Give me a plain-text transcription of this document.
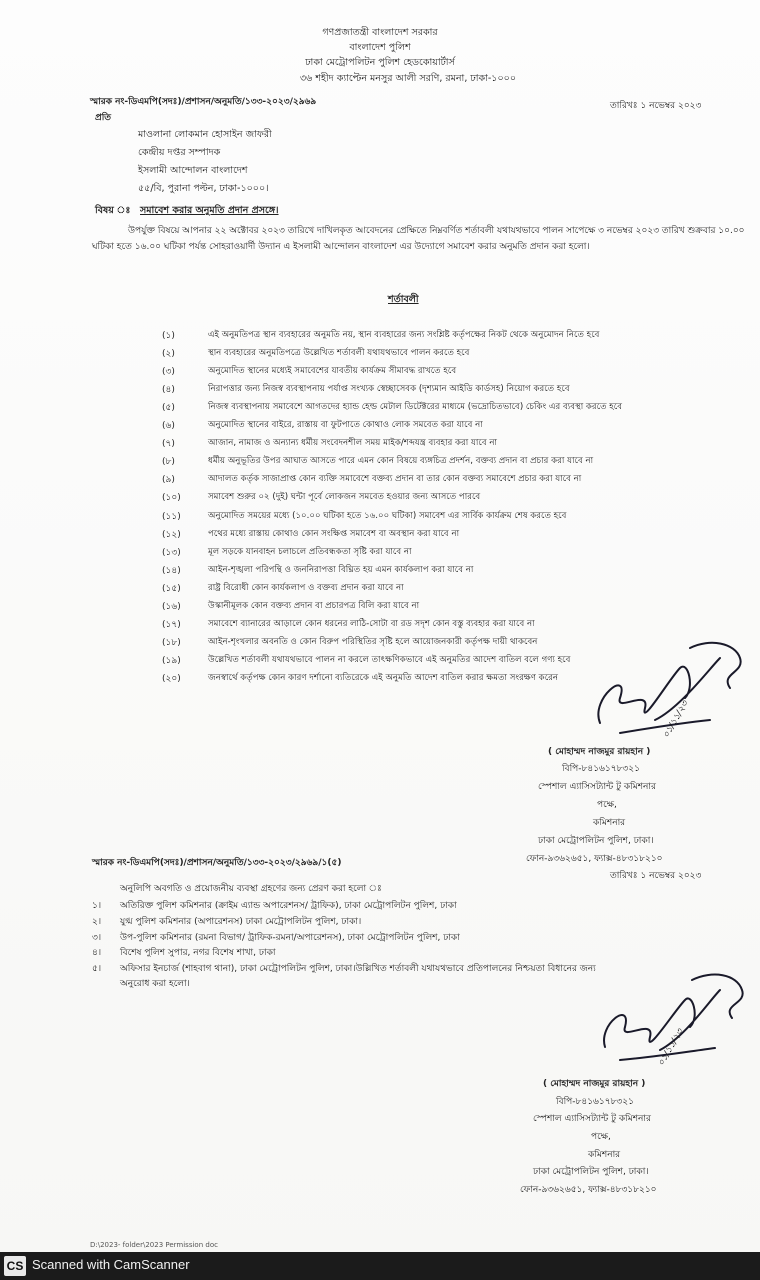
গণপ্রজাতন্ত্রী বাংলাদেশ সরকার
বাংলাদেশ পুলিশ
ঢাকা মেট্রোপলিটন পুলিশ হেডকোয়ার্টার্স
৩৬ শহীদ ক্যাপ্টেন মনসুর আলী সরণি, রমনা, ঢাকা-১০০০
স্মারক নং-ডিএমপি(সদঃ)/প্রশাসন/অনুমতি/১৩৩-২০২৩/২৯৬৯	তারিখঃ ১ নভেম্বর ২০২৩
প্রতি
মাওলানা লোকমান হোসাইন জাফরী
কেন্দ্রীয় দপ্তর সম্পাদক
ইসলামী আন্দোলন বাংলাদেশ
৫৫/বি, পুরানা পল্টন, ঢাকা-১০০০।
বিষয় ঃ সমাবেশ করার অনুমতি প্রদান প্রসঙ্গে।
উপর্যুক্ত বিষয়ে আপনার ২২ অক্টোবর ২০২৩ তারিখে দাখিলকৃত আবেদনের প্রেক্ষিতে নিম্নবর্ণিত শর্তাবলী যথাযথভাবে পালন সাপেক্ষে ৩ নভেম্বর ২০২৩ তারিখ শুক্রবার ১০.০০ ঘটিকা হতে ১৬.০০ ঘটিকা পর্যন্ত সোহরাওয়ার্দী উদ্যান এ ইসলামী আন্দোলন বাংলাদেশ এর উদ্যোগে সমাবেশ করার অনুমতি প্রদান করা হলো।
শর্তাবলী
(১)	এই অনুমতিপত্র স্থান ব্যবহারের অনুমতি নয়, স্থান ব্যবহারের জন্য সংশ্লিষ্ট কর্তৃপক্ষের নিকট থেকে অনুমোদন নিতে হবে
(২)	স্থান ব্যবহারের অনুমতিপত্রে উল্লেখিত শর্তাবলী যথাযথভাবে পালন করতে হবে
(৩)	অনুমোদিত স্থানের মধ্যেই সমাবেশের যাবতীয় কার্যক্রম সীমাবদ্ধ রাখতে হবে
(৪)	নিরাপত্তার জন্য নিজস্ব ব্যবস্থাপনায় পর্যাপ্ত সংখ্যক স্বেচ্ছাসেবক (দৃশ্যমান আইডি কার্ডসহ) নিয়োগ করতে হবে
(৫)	নিজস্ব ব্যবস্থাপনায় সমাবেশে আগতদের হ্যান্ড হেল্ড মেটাল ডিটেক্টরের মাধ্যমে (ভদ্রোচিতভাবে) চেকিং এর ব্যবস্থা করতে হবে
(৬)	অনুমোদিত স্থানের বাইরে, রাস্তায় বা ফুটপাতে কোথাও লোক সমবেত করা যাবে না
(৭)	আজান, নামাজ ও অন্যান্য ধর্মীয় সংবেদনশীল সময় মাইক/শব্দযন্ত্র ব্যবহার করা যাবে না
(৮)	ধর্মীয় অনুভূতির উপর আঘাত আসতে পারে এমন কোন বিষয়ে ব্যঙ্গচিত্র প্রদর্শন, বক্তব্য প্রদান বা প্রচার করা যাবে না
(৯)	আদালত কর্তৃক সাজাপ্রাপ্ত কোন ব্যক্তি সমাবেশে বক্তব্য প্রদান বা তার কোন বক্তব্য সমাবেশে প্রচার করা যাবে না
(১০)	সমাবেশ শুরুর ০২ (দুই) ঘন্টা পূর্বে লোকজন সমবেত হওয়ার জন্য আসতে পারবে
(১১)	অনুমোদিত সময়ের মধ্যে (১০.০০ ঘটিকা হতে ১৬.০০ ঘটিকা) সমাবেশ এর সার্বিক কার্যক্রম শেষ করতে হবে
(১২)	পথের মধ্যে রাস্তায় কোথাও কোন সংক্ষিপ্ত সমাবেশ বা অবস্থান করা যাবে না
(১৩)	মূল সড়কে যানবাহন চলাচলে প্রতিবন্ধকতা সৃষ্টি করা যাবে না
(১৪)	আইন-শৃঙ্খলা পরিপন্থি ও জননিরাপত্তা বিঘ্নিত হয় এমন কার্যকলাপ করা যাবে না
(১৫)	রাষ্ট্র বিরোধী কোন কার্যকলাপ ও বক্তব্য প্রদান করা যাবে না
(১৬)	উস্কানীমূলক কোন বক্তব্য প্রদান বা প্রচারপত্র বিলি করা যাবে না
(১৭)	সমাবেশে ব্যানারের আড়ালে কোন ধরনের লাঠি-সোটা বা রড সদৃশ কোন বস্তু ব্যবহার করা যাবে না
(১৮)	আইন-শৃংখলার অবনতি ও কোন বিরুপ পরিস্থিতির সৃষ্টি হলে আয়োজনকারী কর্তৃপক্ষ দায়ী থাকবেন
(১৯)	উল্লেখিত শর্তাবলী যথাযথভাবে পালন না করলে তাৎক্ষণিকভাবে এই অনুমতির আদেশ বাতিল বলে গণ্য হবে
(২০)	জনস্বার্থে কর্তৃপক্ষ কোন কারণ দর্শানো ব্যতিরেকে এই অনুমতি আদেশ বাতিল করার ক্ষমতা সংরক্ষণ করেন
০১/১১/২৩
( মোহাম্মদ নাজমুর রায়হান )
বিপি-৮৪১৬১৭৮৩২১
স্পেশাল এ্যাসিসট্যান্ট টু কমিশনার
পক্ষে,
কমিশনার
ঢাকা মেট্রোপলিটন পুলিশ, ঢাকা।
ফোন-৯৩৬২৬৫১, ফ্যাক্স-৪৮৩১৮২১০
স্মারক নং-ডিএমপি(সদঃ)/প্রশাসন/অনুমতি/১৩৩-২০২৩/২৯৬৯/১(৫)
তারিখঃ ১ নভেম্বর ২০২৩
অনুলিপি অবগতি ও প্রয়োজনীয় ব্যবস্থা গ্রহণের জন্য প্রেরণ করা হলো ঃ
১। অতিরিক্ত পুলিশ কমিশনার (ক্রাইম এ্যান্ড অপারেশনস/ ট্রাফিক), ঢাকা মেট্রোপলিটন পুলিশ, ঢাকা
২। যুগ্ম পুলিশ কমিশনার (অপারেশনস) ঢাকা মেট্রোপলিটন পুলিশ, ঢাকা।
৩। উপ-পুলিশ কমিশনার (রমনা বিভাগ/ ট্রাফিক-রমনা/অপারেশনস), ঢাকা মেট্রোপলিটন পুলিশ, ঢাকা
৪। বিশেষ পুলিশ সুপার, নগর বিশেষ শাখা, ঢাকা
৫। অফিসার ইনচার্জ (শাহবাগ থানা), ঢাকা মেট্রোপলিটন পুলিশ, ঢাকা।উল্লিখিত শর্তাবলী যথাযথভাবে প্রতিপালনের নিশ্চয়তা বিধানের জন্য
অনুরোধ করা হলো।
০১/১১/২৩
( মোহাম্মদ নাজমুর রায়হান )
বিপি-৮৪১৬১৭৮৩২১
স্পেশাল এ্যাসিসট্যান্ট টু কমিশনার
পক্ষে,
কমিশনার
ঢাকা মেট্রোপলিটন পুলিশ, ঢাকা।
ফোন-৯৩৬২৬৫১, ফ্যাক্স-৪৮৩১৮২১০
D:\2023- folder\2023 Permission doc
CS Scanned with CamScanner
